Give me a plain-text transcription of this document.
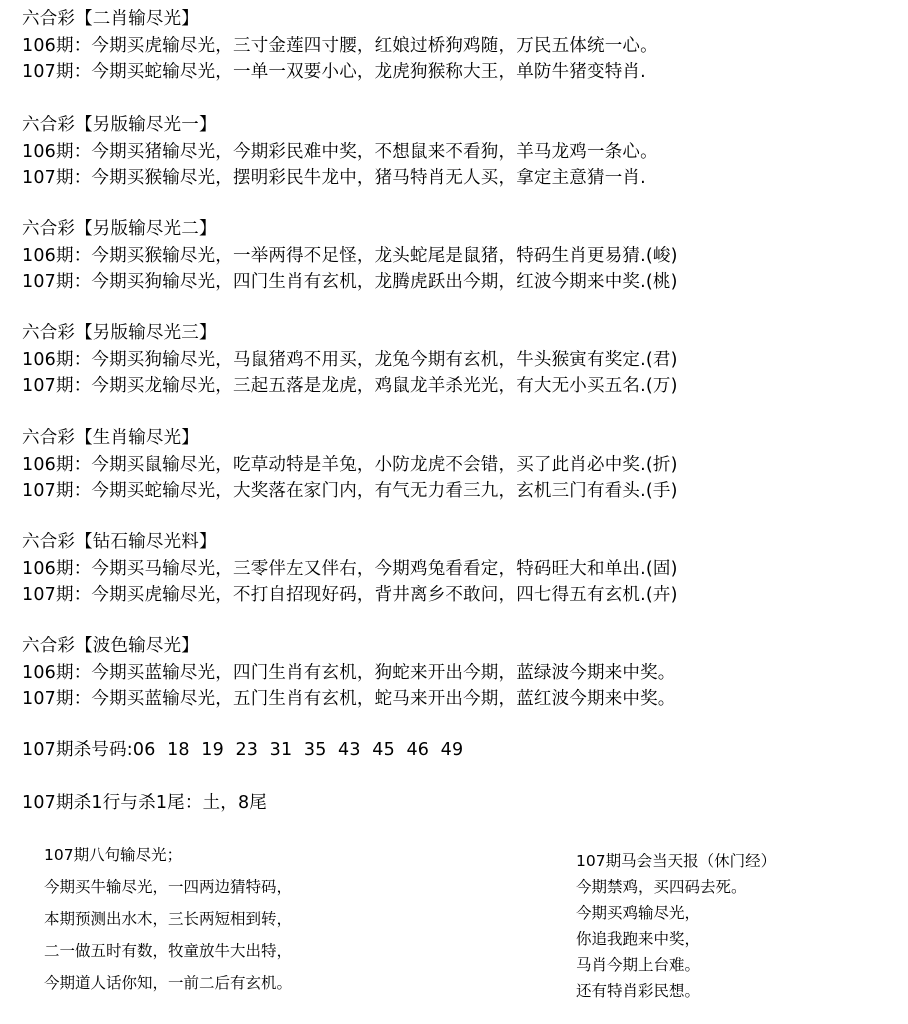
六合彩【二肖输尽光】
106期：今期买虎输尽光，三寸金莲四寸腰，红娘过桥狗鸡随，万民五体统一心。
107期：今期买蛇输尽光，一单一双要小心，龙虎狗猴称大王，单防牛猪变特肖.
六合彩【另版输尽光一】
106期：今期买猪输尽光，今期彩民难中奖，不想鼠来不看狗，羊马龙鸡一条心。
107期：今期买猴输尽光，摆明彩民牛龙中，猪马特肖无人买，拿定主意猜一肖.
六合彩【另版输尽光二】
106期：今期买猴输尽光，一举两得不足怪，龙头蛇尾是鼠猪，特码生肖更易猜.(峻)
107期：今期买狗输尽光，四门生肖有玄机，龙腾虎跃出今期，红波今期来中奖.(桃)
六合彩【另版输尽光三】
106期：今期买狗输尽光，马鼠猪鸡不用买，龙兔今期有玄机，牛头猴寅有奖定.(君)
107期：今期买龙输尽光，三起五落是龙虎，鸡鼠龙羊杀光光，有大无小买五名.(万)
六合彩【生肖输尽光】
106期：今期买鼠输尽光，吃草动特是羊兔，小防龙虎不会错，买了此肖必中奖.(折)
107期：今期买蛇输尽光，大奖落在家门内，有气无力看三九，玄机三门有看头.(手)
六合彩【钻石输尽光料】
106期：今期买马输尽光，三零伴左又伴右，今期鸡兔看看定，特码旺大和单出.(固)
107期：今期买虎输尽光，不打自招现好码，背井离乡不敢问，四七得五有玄机.(卉)
六合彩【波色输尽光】
106期：今期买蓝输尽光，四门生肖有玄机，狗蛇来开出今期，蓝绿波今期来中奖。
107期：今期买蓝输尽光，五门生肖有玄机，蛇马来开出今期，蓝红波今期来中奖。
107期杀号码:06  18  19  23  31  35  43  45  46  49
107期杀1行与杀1尾：土，8尾
107期八句输尽光；
今期买牛输尽光，一四两边猜特码，
本期预测出水木，三长两短相到转，
二一做五时有数，牧童放牛大出特，
今期道人话你知，一前二后有玄机。
107期马会当天报（休门经）
今期禁鸡，买四码去死。
今期买鸡输尽光，
你追我跑来中奖，
马肖今期上台难。
还有特肖彩民想。
